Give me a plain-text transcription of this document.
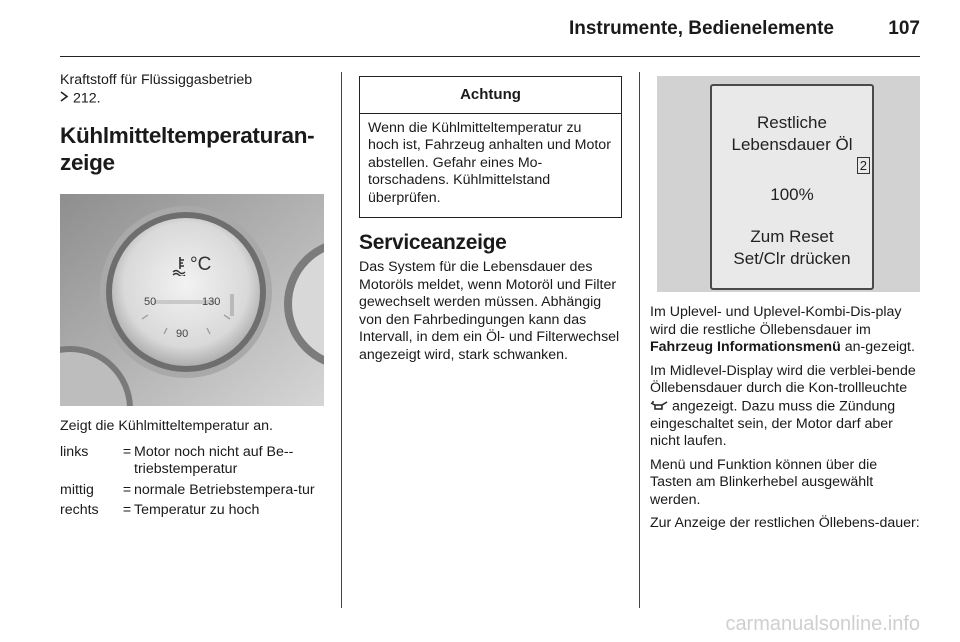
Instrumente, Bedienelemente	107

Kraftstoff für Flüssiggasbetrieb
212.

Kühlmitteltemperaturan-
zeige
°C
50	130
90

Zeigt die Kühlmitteltemperatur an.

links	= Motor noch nicht auf Be-triebstemperatur
mittig	= normale Betriebstempera-tur
rechts	= Temperatur zu hoch
Achtung
Wenn die Kühlmitteltemperatur zu hoch ist, Fahrzeug anhalten und Motor abstellen. Gefahr eines Mo-torschadens. Kühlmittelstand überprüfen.
Serviceanzeige

Das System für die Lebensdauer des Motoröls meldet, wenn Motoröl und Filter gewechselt werden müssen. Abhängig von den Fahrbedingungen kann das Intervall, in dem ein Öl- und Filterwechsel angezeigt wird, stark schwanken.

Restliche
Lebensdauer Öl
2
100%
Zum Reset
Set/Clr drücken

Im Uplevel- und Uplevel-Kombi-Dis-play wird die restliche Öllebensdauer im Fahrzeug Informationsmenü an-gezeigt.

Im Midlevel-Display wird die verblei-bende Öllebensdauer durch die Kon-trollleuchte  angezeigt. Dazu muss die Zündung eingeschaltet sein, der Motor darf aber nicht laufen.

Menü und Funktion können über die Tasten am Blinkerhebel ausgewählt werden.

Zur Anzeige der restlichen Öllebens-dauer:

carmanualsonline.info
